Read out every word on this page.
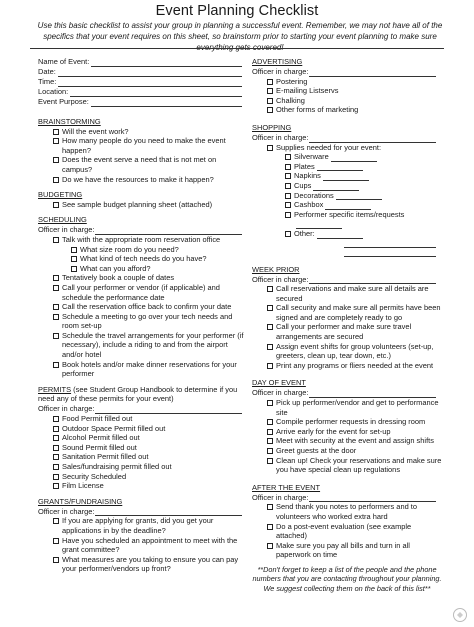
Event Planning Checklist
Use this basic checklist to assist your group in planning a successful event. Remember, we may not have all of the specifics that your event requires on this sheet, so brainstorm prior to starting your event planning to make sure everything gets covered!
Name of Event:
Date:
Time:
Location:
Event Purpose:
BRAINSTORMING
Will the event work?
How many people do you need to make the event happen?
Does the event serve a need that is not met on campus?
Do we have the resources to make it happen?
BUDGETING
See sample budget planning sheet (attached)
SCHEDULING
Officer in charge:
Talk with the appropriate room reservation office
What size room do you need?
What kind of tech needs do you have?
What can you afford?
Tentatively book a couple of dates
Call your performer or vendor (if applicable) and schedule the performance date
Call the reservation office back to confirm your date
Schedule a meeting to go over your tech needs and room set-up
Schedule the travel arrangements for your performer (if necessary), include a riding to and from the airport and/or hotel
Book hotels and/or make dinner reservations for your performer
PERMITS (see Student Group Handbook to determine if you need any of these permits for your event)
Officer in charge:
Food Permit filled out
Outdoor Space Permit filled out
Alcohol Permit filled out
Sound Permit filled out
Sanitation Permit filled out
Sales/fundraising permit filled out
Security Scheduled
Film License
GRANTS/FUNDRAISING
Officer in charge:
If you are applying for grants, did you get your applications in by the deadline?
Have you scheduled an appointment to meet with the grant committee?
What measures are you taking to ensure you can pay your performer/vendors up front?
ADVERTISING
Officer in charge:
Postering
E-mailing Listservs
Chalking
Other forms of marketing
SHOPPING
Officer in charge:
Supplies needed for your event:
Silverware
Plates
Napkins
Cups
Decorations
Cashbox
Performer specific items/requests
Other:
WEEK PRIOR
Officer in charge:
Call reservations and make sure all details are secured
Call security and make sure all permits have been signed and are completely ready to go
Call your performer and make sure travel arrangements are secured
Assign event shifts for group volunteers (set-up, greeters, clean up, tear down, etc.)
Print any programs or fliers needed at the event
DAY OF EVENT
Officer in charge:
Pick up performer/vendor and get to performance site
Compile performer requests in dressing room
Arrive early for the event for set-up
Meet with security at the event and assign shifts
Greet guests at the door
Clean up! Check your reservations and make sure you have special clean up regulations
AFTER THE EVENT
Officer in charge:
Send thank you notes to performers and to volunteers who worked extra hard
Do a post-event evaluation (see example attached)
Make sure you pay all bills and turn in all paperwork on time
**Don't forget to keep a list of the people and the phone numbers that you are contacting throughout your planning. We suggest collecting them on the back of this list**
